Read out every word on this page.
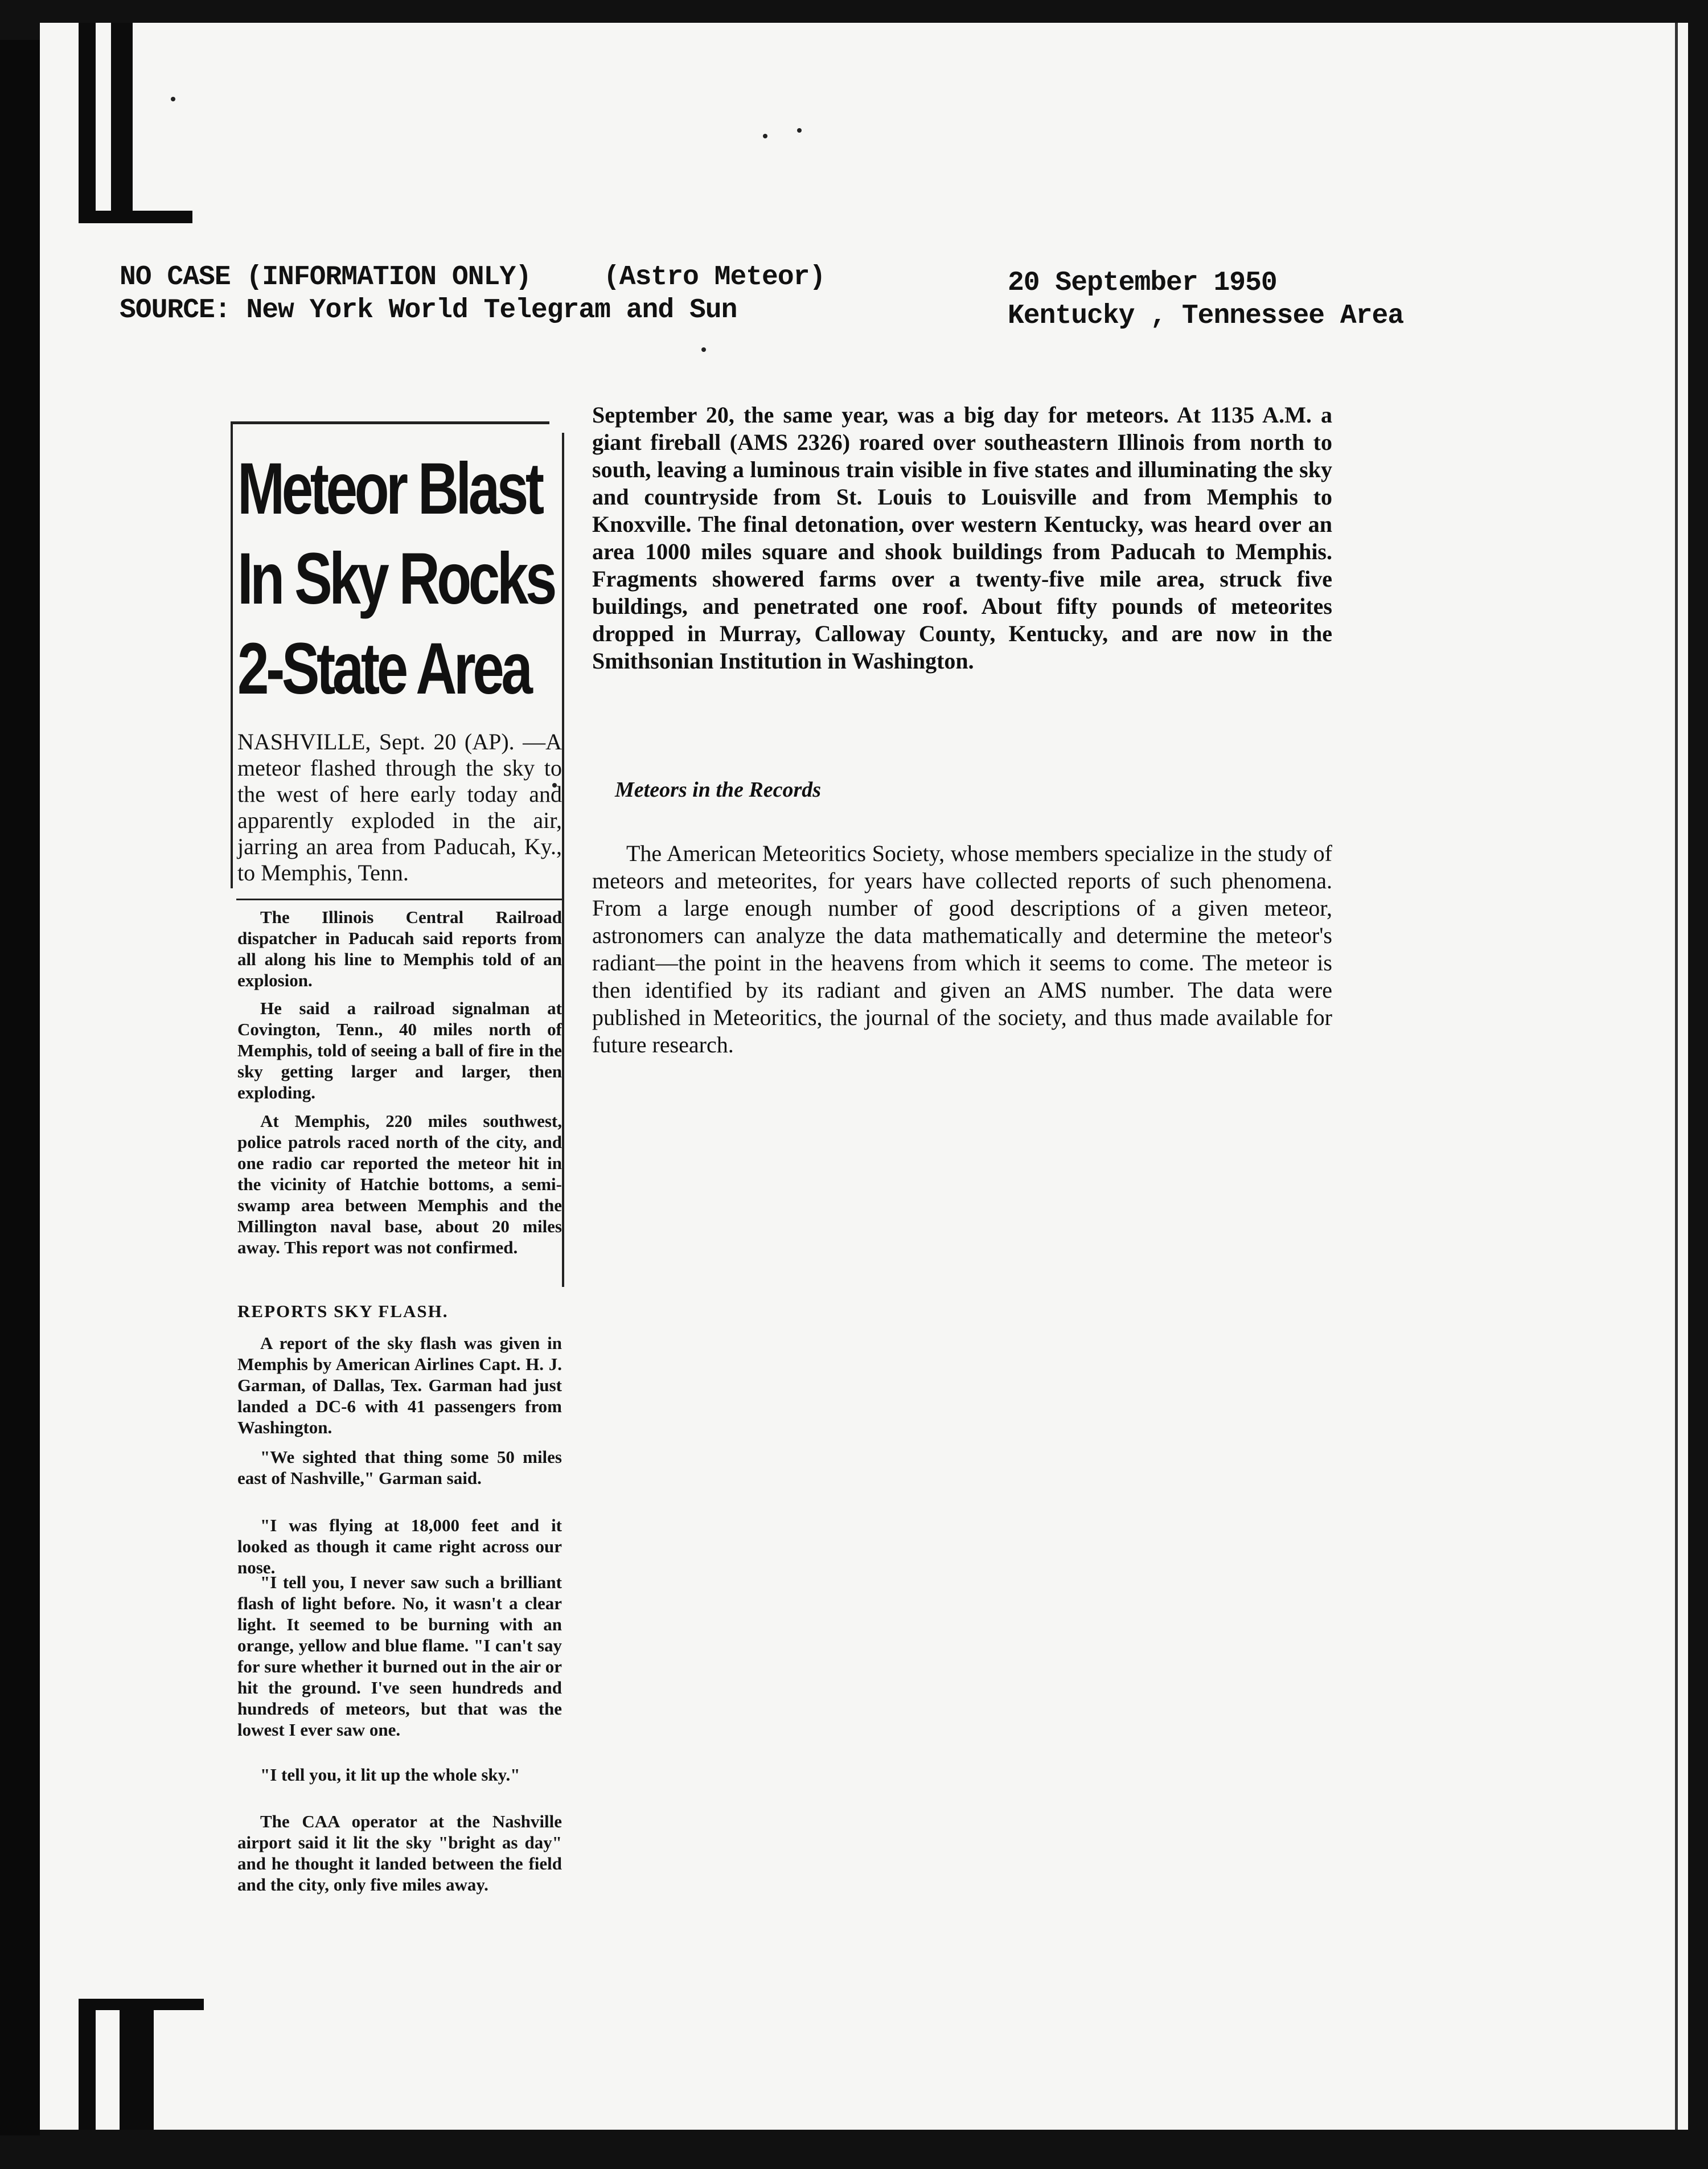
NO CASE (INFORMATION ONLY)	(Astro Meteor)
SOURCE: New York World Telegram and Sun
20 September 1950
Kentucky , Tennessee Area
Meteor Blast
In Sky Rocks
2-State Area
NASHVILLE, Sept. 20 (AP). —A meteor flashed through the sky to the west of here early today and apparently exploded in the air, jarring an area from Paducah, Ky., to Memphis, Tenn.
The Illinois Central Railroad dispatcher in Paducah said reports from all along his line to Memphis told of an explosion.
He said a railroad signalman at Covington, Tenn., 40 miles north of Memphis, told of seeing a ball of fire in the sky getting larger and larger, then exploding.
At Memphis, 220 miles southwest, police patrols raced north of the city, and one radio car reported the meteor hit in the vicinity of Hatchie bottoms, a semi-swamp area between Memphis and the Millington naval base, about 20 miles away. This report was not confirmed.
REPORTS SKY FLASH.
A report of the sky flash was given in Memphis by American Airlines Capt. H. J. Garman, of Dallas, Tex. Garman had just landed a DC-6 with 41 passengers from Washington.
"We sighted that thing some 50 miles east of Nashville," Garman said.
"I was flying at 18,000 feet and it looked as though it came right across our nose.
"I tell you, I never saw such a brilliant flash of light before. No, it wasn't a clear light. It seemed to be burning with an orange, yellow and blue flame. "I can't say for sure whether it burned out in the air or hit the ground. I've seen hundreds and hundreds of meteors, but that was the lowest I ever saw one.
"I tell you, it lit up the whole sky."
The CAA operator at the Nashville airport said it lit the sky "bright as day" and he thought it landed between the field and the city, only five miles away.
September 20, the same year, was a big day for meteors. At 1135 A.M. a giant fireball (AMS 2326) roared over southeastern Illinois from north to south, leaving a luminous train visible in five states and illuminating the sky and countryside from St. Louis to Louisville and from Memphis to Knoxville. The final detonation, over western Kentucky, was heard over an area 1000 miles square and shook buildings from Paducah to Memphis. Fragments showered farms over a twenty-five mile area, struck five buildings, and penetrated one roof. About fifty pounds of meteorites dropped in Murray, Calloway County, Kentucky, and are now in the Smithsonian Institution in Washington.
Meteors in the Records
The American Meteoritics Society, whose members specialize in the study of meteors and meteorites, for years have collected reports of such phenomena. From a large enough number of good descriptions of a given meteor, astronomers can analyze the data mathematically and determine the meteor's radiant—the point in the heavens from which it seems to come. The meteor is then identified by its radiant and given an AMS number. The data were published in Meteoritics, the journal of the society, and thus made available for future research.
